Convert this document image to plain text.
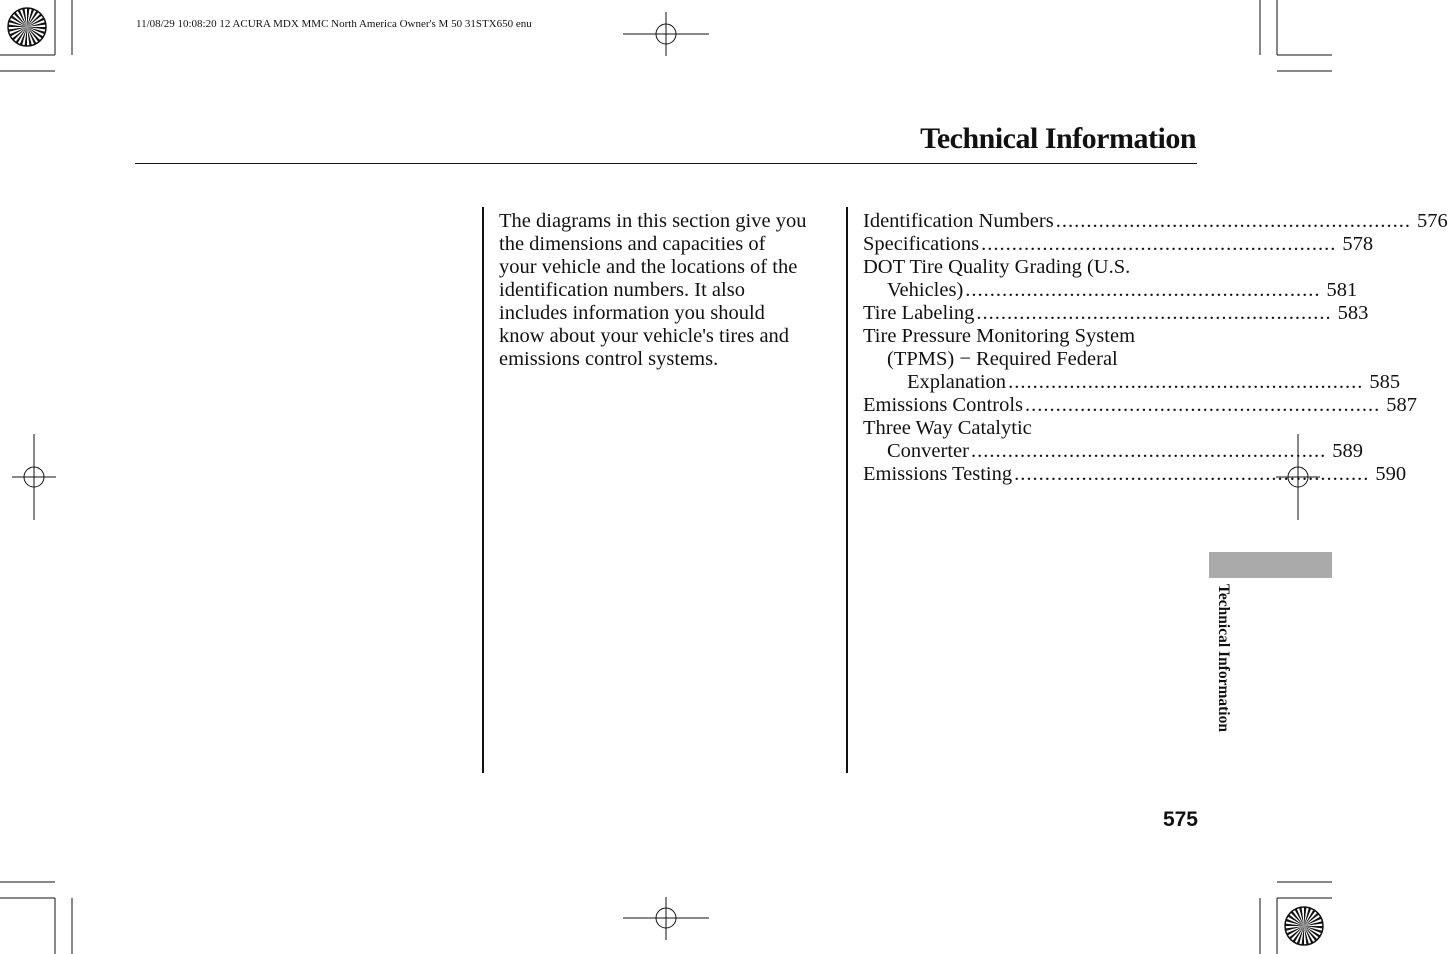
11/08/29 10:08:20 12 ACURA MDX MMC North America Owner's M 50 31STX650 enu
Technical Information
The diagrams in this section give you
the dimensions and capacities of
your vehicle and the locations of the
identification numbers. It also
includes information you should
know about your vehicle's tires and
emissions control systems.
Identification Numbers .......................................................... 576
Specifications .......................................................... 578
DOT Tire Quality Grading (U.S.
Vehicles) .......................................................... 581
Tire Labeling .......................................................... 583
Tire Pressure Monitoring System
(TPMS) − Required Federal
Explanation .......................................................... 585
Emissions Controls .......................................................... 587
Three Way Catalytic
Converter .......................................................... 589
Emissions Testing .......................................................... 590
Technical Information
575
